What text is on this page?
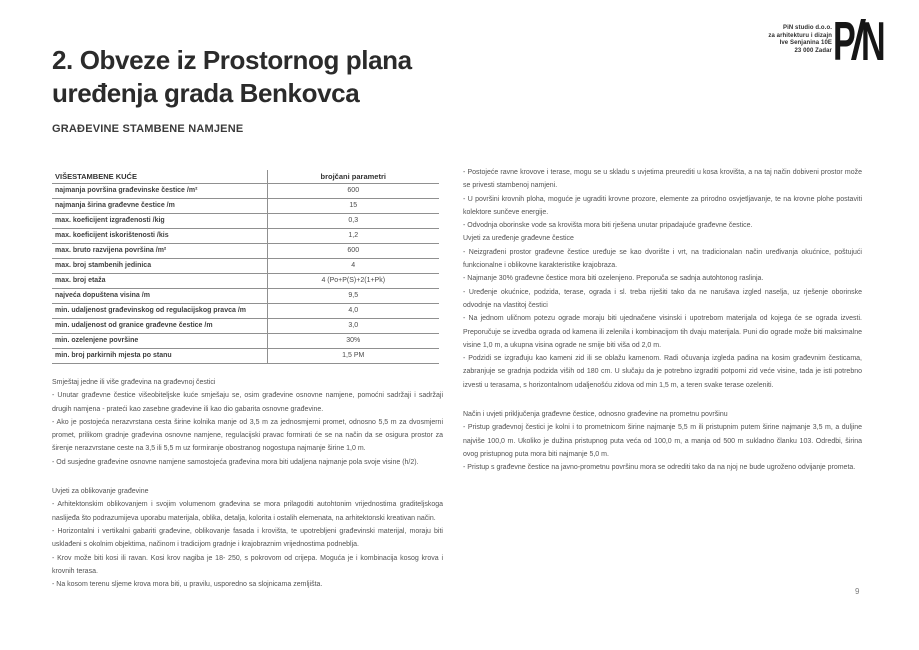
2. Obveze iz Prostornog plana
uređenja grada Benkovca
PiN studio d.o.o.
za arhitekturu i dizajn
Ive Senjanina 10E
23 000 Zadar P N
GRAĐEVINE STAMBENE NAMJENE
VIŠESTAMBENE KUĆE	brojčani parametri
najmanja površina građevinske čestice /m²	600
najmanja širina građevne čestice /m	15
max. koeficijent izgrađenosti /kig	0,3
max. koeficijent iskorištenosti /kis	1,2
max. bruto razvijena površina /m²	600
max. broj stambenih jedinica	4
max. broj etaža	4 (Po+P(S)+2(1+Pk)
najveća dopuštena visina /m	9,5
min. udaljenost građevinskog od regulacijskog pravca /m	4,0
min. udaljenost od granice građevne čestice /m	3,0
min. ozelenjene površine	30%
min. broj parkirnih mjesta po stanu	1,5 PM

Smještaj jedne ili više građevina na građevnoj čestici

- Unutar građevne čestice višeobiteljske kuće smješaju se, osim građevine osnovne namjene, pomoćni sadržaji i sadržaji drugih namjena - prateći kao zasebne građevine ili kao dio gabarita osnovne građevine.

- Ako je postojeća nerazvrstana cesta širine kolnika manje od 3,5 m za jednosmjerni promet, odnosno 5,5 m za dvosmjerni promet, prilikom gradnje građevina osnovne namjene, regulacijski pravac formirati će se na način da se osigura prostor za širenje nerazvrstane ceste na 3,5 ili 5,5 m uz formiranje obostranog nogostupa najmanje širine 1,0 m.

- Od susjedne građevine osnovne namjene samostojeća građevina mora biti udaljena najmanje pola svoje visine (h/2).

Uvjeti za oblikovanje građevine

- Arhitektonskim oblikovanjem i svojim volumenom građevina se mora prilagoditi autohtonim vrijednostima graditeljskoga naslijeđa što podrazumijeva uporabu materijala, oblika, detalja, kolorita i ostalih elemenata, na arhitektonski kreativan način.

- Horizontalni i vertikalni gabariti građevine, oblikovanje fasada i krovišta, te upotrebljeni građevinski materijal, moraju biti usklađeni s okolnim objektima, načinom i tradicijom gradnje i krajobraznim vrijednostima podneblja.

- Krov može biti kosi ili ravan. Kosi krov nagiba je 18- 250, s pokrovom od crijepa. Moguća je i kombinacija kosog krova i krovnih terasa.

- Na kosom terenu sljeme krova mora biti, u pravilu, usporedno sa slojnicama zemljišta.

- Postojeće ravne krovove i terase, mogu se u skladu s uvjetima preurediti u kosa krovišta, a na taj način dobiveni prostor može se privesti stambenoj namjeni.

- U površini krovnih ploha, moguće je ugraditi krovne prozore, elemente za prirodno osvjetljavanje, te na krovne plohe postaviti kolektore sunčeve energije.

- Odvodnja oborinske vode sa krovišta mora biti rješena unutar pripadajuće građevne čestice.

Uvjeti za uređenje građevne čestice

- Neizgrađeni prostor građevne čestice uređuje se kao dvorište i vrt, na tradicionalan način uređivanja okućnice, poštujući funkcionalne i oblikovne karakteristike krajobraza.

- Najmanje 30% građevne čestice mora biti ozelenjeno. Preporuča se sadnja autohtonog raslinja.

- Uređenje okućnice, podzida, terase, ograda i sl. treba riješiti tako da ne narušava izgled naselja, uz rješenje oborinske odvodnje na vlastitoj čestici

- Na jednom uličnom potezu ograde moraju biti ujednačene visinski i upotrebom materijala od kojega će se ograda izvesti. Preporučuje se izvedba ograda od kamena ili zelenila i kombinacijom tih dvaju materijala. Puni dio ograde može biti maksimalne visine 1,0 m, a ukupna visina ograde ne smije biti viša od 2,0 m.

- Podzidi se izgrađuju kao kameni zid ili se oblažu kamenom. Radi očuvanja izgleda padina na kosim građevnim česticama, zabranjuje se gradnja podzida viših od 180 cm. U slučaju da je potrebno izgraditi potporni zid veće visine, tada je isti potrebno izvesti u terasama, s horizontalnom udaljenošću zidova od min 1,5 m, a teren svake terase ozeleniti.

Način i uvjeti priključenja građevne čestice, odnosno građevine na prometnu površinu

- Pristup građevnoj čestici je kolni i to prometnicom širine najmanje 5,5 m ili pristupnim putem širine najmanje 3,5 m, a duljine najviše 100,0 m. Ukoliko je dužina pristupnog puta veća od 100,0 m, a manja od 500 m sukladno članku 103. Odredbi, širina ovog pristupnog puta mora biti najmanje 5,0 m.

- Pristup s građevne čestice na javno-prometnu površinu mora se odrediti tako da na njoj ne bude ugroženo odvijanje prometa.

9
